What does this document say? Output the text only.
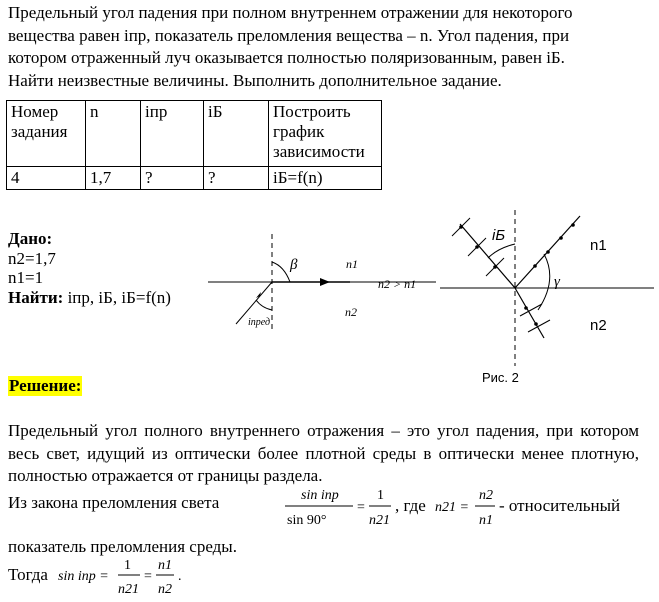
Предельный угол падения при полном внутреннем отражении для некоторого
вещества равен iпр, показатель преломления вещества – n. Угол падения, при
котором отраженный луч оказывается полностью поляризованным, равен iБ.
Найти неизвестные величины. Выполнить дополнительное задание.
Номер задания	n	iпр	iБ	Построить график зависимости
4	1,7	?	?	iБ=f(n)
Дано:
n2=1,7
n1=1
Найти: iпр, iБ, iБ=f(n)
β	n1
n2
n2 > n1
iпред
iБ
n1
n2
γ
Рис. 2
Решение:
Предельный угол полного внутреннего отражения – это угол падения, при котором весь свет, идущий из оптически более плотной среды в оптически менее плотную, полностью отражается от границы раздела.
Из закона преломления света	sin iпр
sin 90°
=
1
n21
, где n21 =
n2
n1
- относительный
показатель преломления среды.
Тогда sin iпр =
1
n21
=
n1
n2
.
